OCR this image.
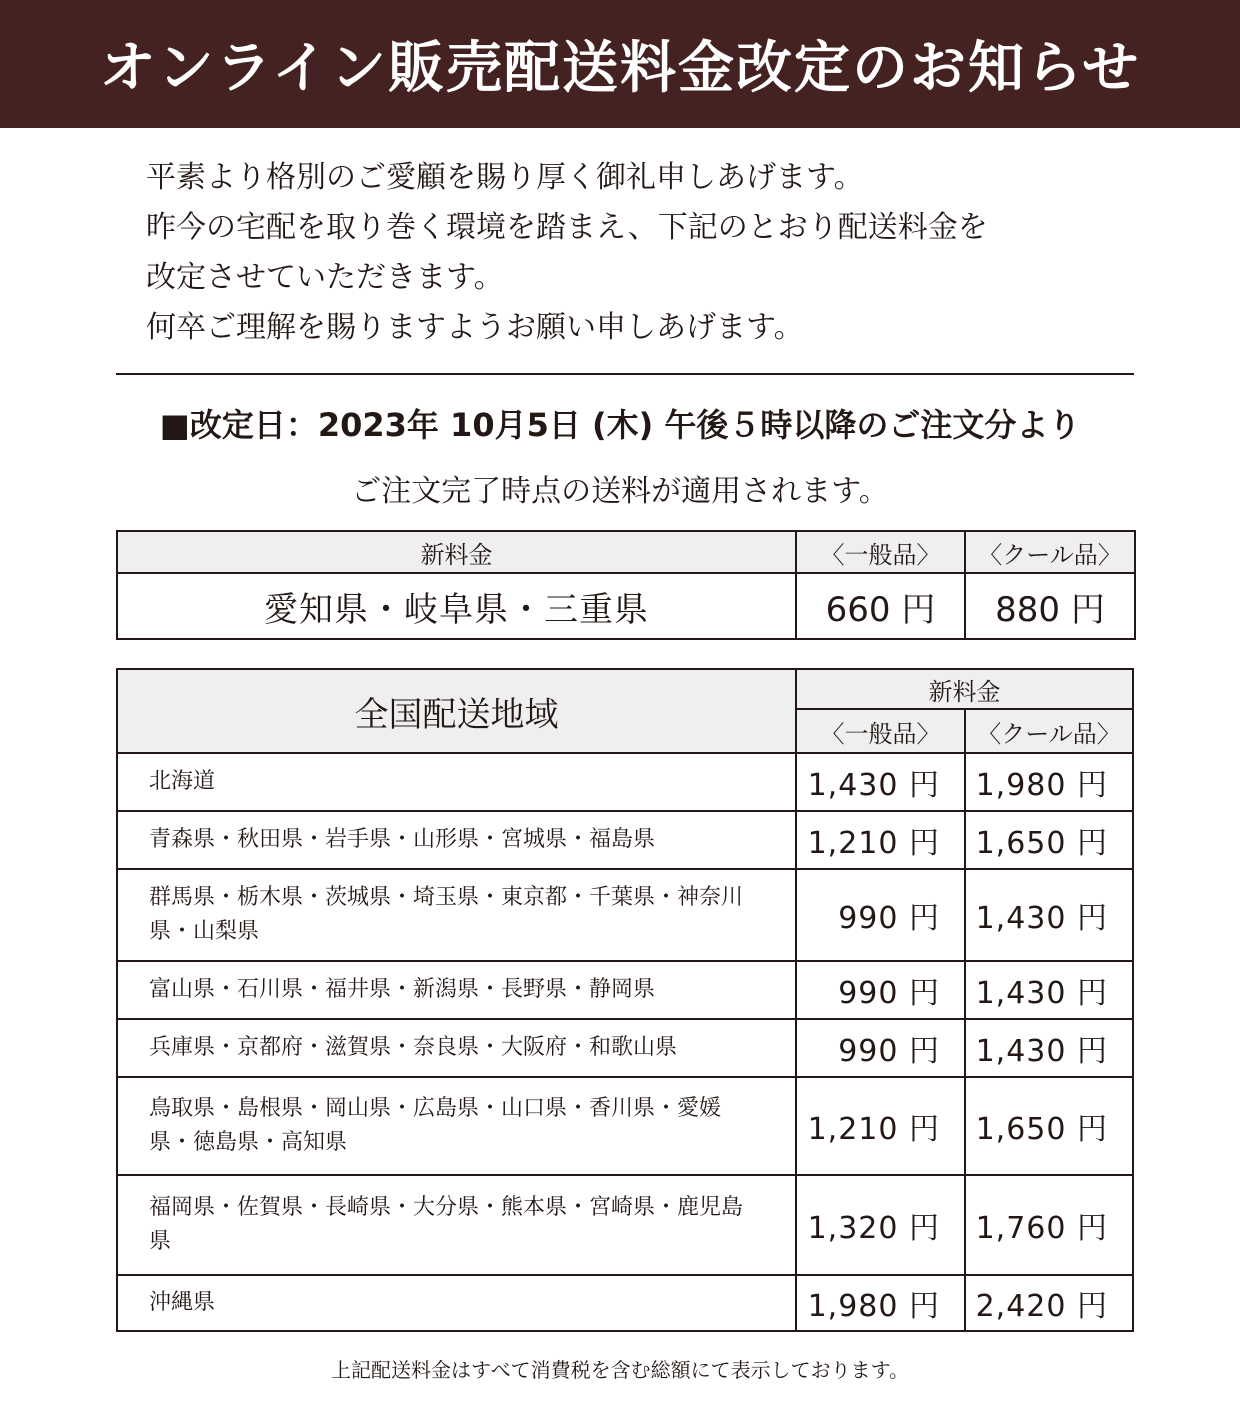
オンライン販売配送料金改定のお知らせ
平素より格別のご愛顧を賜り厚く御礼申しあげます。
昨今の宅配を取り巻く環境を踏まえ、下記のとおり配送料金を
改定させていただきます。
何卒ご理解を賜りますようお願い申しあげます。
■改定日：2023年 10月5日 (木) 午後５時以降のご注文分より
ご注文完了時点の送料が適用されます。
新料金	〈一般品〉	〈クール品〉
愛知県・岐阜県・三重県	660 円	880 円
全国配送地域	新料金	
	〈一般品〉	〈クール品〉
北海道	1,430 円	1,980 円
青森県・秋田県・岩手県・山形県・宮城県・福島県	1,210 円	1,650 円
群馬県・栃木県・茨城県・埼玉県・東京都・千葉県・神奈川県・山梨県	990 円	1,430 円
富山県・石川県・福井県・新潟県・長野県・静岡県	990 円	1,430 円
兵庫県・京都府・滋賀県・奈良県・大阪府・和歌山県	990 円	1,430 円
鳥取県・島根県・岡山県・広島県・山口県・香川県・愛媛県・徳島県・高知県	1,210 円	1,650 円
福岡県・佐賀県・長崎県・大分県・熊本県・宮崎県・鹿児島県	1,320 円	1,760 円
沖縄県	1,980 円	2,420 円
上記配送料金はすべて消費税を含む総額にて表示しております。
